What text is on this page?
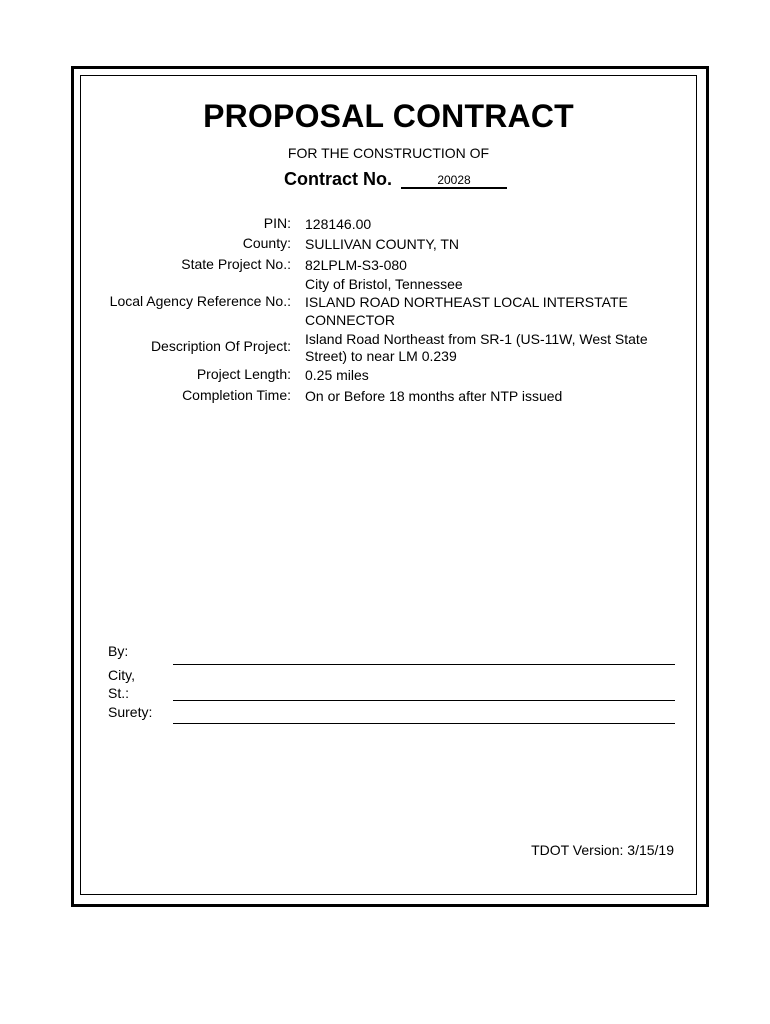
PROPOSAL CONTRACT
FOR THE CONSTRUCTION OF
Contract No.	20028
PIN: 128146.00
County: SULLIVAN COUNTY, TN
State Project No.: 82LPLM-S3-080
City of Bristol, Tennessee
Local Agency Reference No.: ISLAND ROAD NORTHEAST LOCAL INTERSTATE
CONNECTOR
Description Of Project: Island Road Northeast from SR-1 (US-11W, West State
Street) to near LM 0.239
Project Length: 0.25 miles
Completion Time: On or Before 18 months after NTP issued
By:
City,
St.:
Surety:
TDOT Version: 3/15/19
